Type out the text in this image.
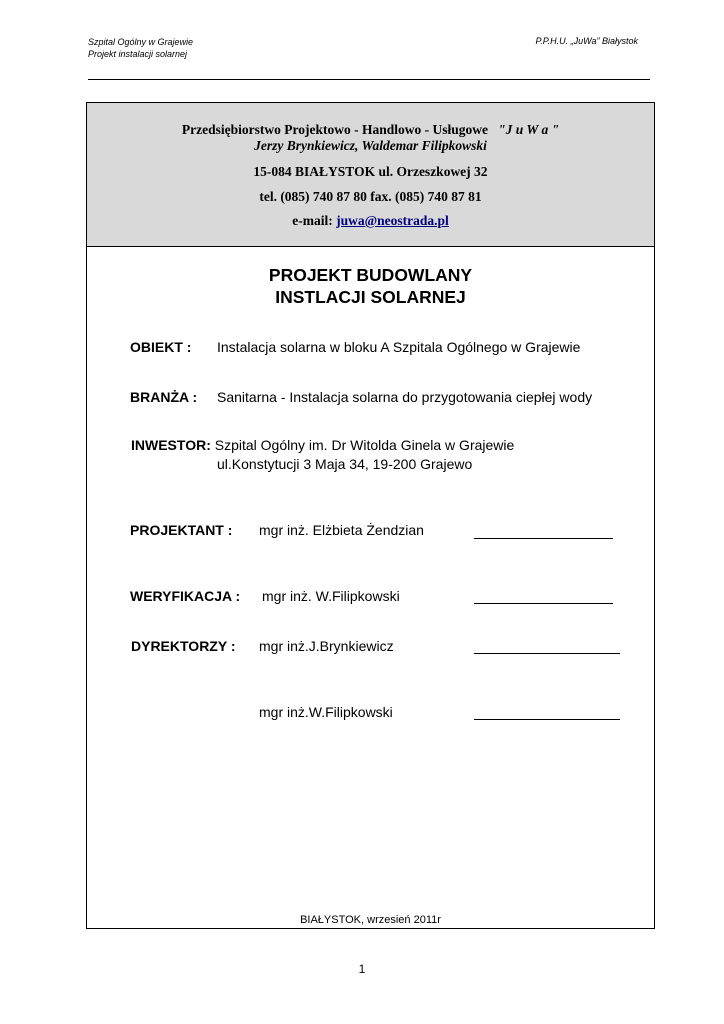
Szpital Ogólny w Grajewie
Projekt instalacji solarnej
P.P.H.U. „JuWa” Białystok
Przedsiębiorstwo Projektowo - Handlowo - Usługowe "J u W a "
Jerzy Brynkiewicz, Waldemar Filipkowski
15-084 BIAŁYSTOK ul. Orzeszkowej 32
tel. (085) 740 87 80 fax. (085) 740 87 81
e-mail: juwa@neostrada.pl
PROJEKT BUDOWLANY
INSTLACJI SOLARNEJ
OBIEKT : Instalacja solarna w bloku A Szpitala Ogólnego w Grajewie
BRANŻA : Sanitarna - Instalacja solarna do przygotowania ciepłej wody
INWESTOR: Szpital Ogólny im. Dr Witolda Ginela w Grajewie
ul.Konstytucji 3 Maja 34, 19-200 Grajewo
PROJEKTANT : mgr inż. Elżbieta Żendzian
WERYFIKACJA : mgr inż. W.Filipkowski
DYREKTORZY : mgr inż.J.Brynkiewicz
mgr inż.W.Filipkowski
BIAŁYSTOK, wrzesień 2011r
1
